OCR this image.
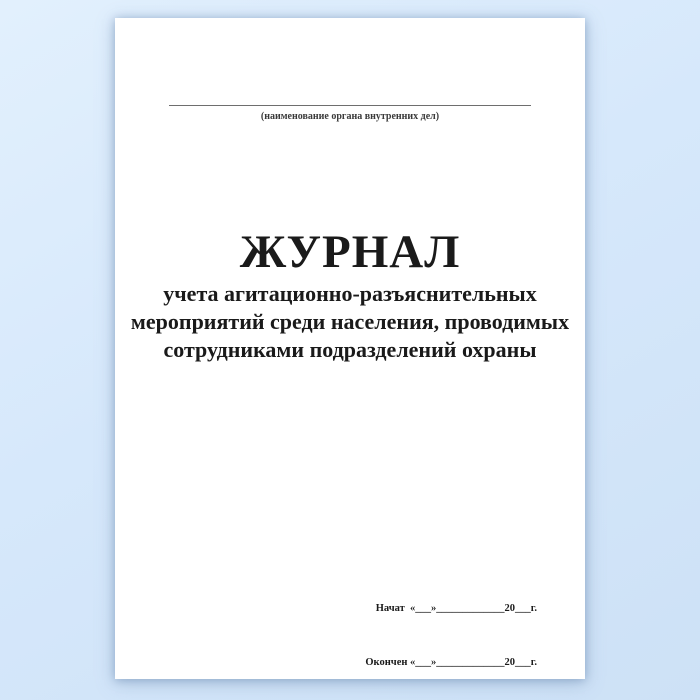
(наименование органа внутренних дел)
ЖУРНАЛ
учета агитационно-разъяснительных
мероприятий среди населения, проводимых
сотрудниками подразделений охраны

Начат  «___»_____________20___г.

Окончен «___»_____________20___г.
